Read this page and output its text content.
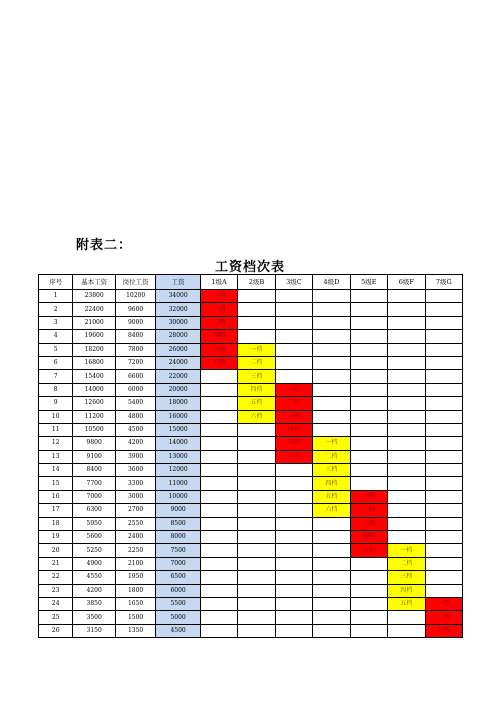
附表二：
工资档次表
序号	基本工资	岗位工资	工资	1级A	2级B	3级C	4级D	5级E	6级F	7级G
1	23800	10200	34000	一档						
2	22400	9600	32000	二档						
3	21000	9000	30000	三档						
4	19600	8400	28000	四档						
5	18200	7800	26000	五档	一档					
6	16800	7200	24000	六档	二档					
7	15400	6600	22000		三档					
8	14000	6000	20000		四档	一档				
9	12600	5400	18000		五档	二档				
10	11200	4800	16000		六档	三档				
11	10500	4500	15000			四档				
12	9800	4200	14000			五档	一档			
13	9100	3900	13000			六档	二档			
14	8400	3600	12000				三档			
15	7700	3300	11000				四档			
16	7000	3000	10000				五档	一档		
17	6300	2700	9000				六档	二档		
18	5950	2550	8500					三档		
19	5600	2400	8000					四档		
20	5250	2250	7500					五档	一档	
21	4900	2100	7000						二档	
22	4550	1950	6500						三档	
23	4200	1800	6000						四档	
24	3850	1650	5500						五档	一档
25	3500	1500	5000							二档
26	3150	1350	4500							三档
